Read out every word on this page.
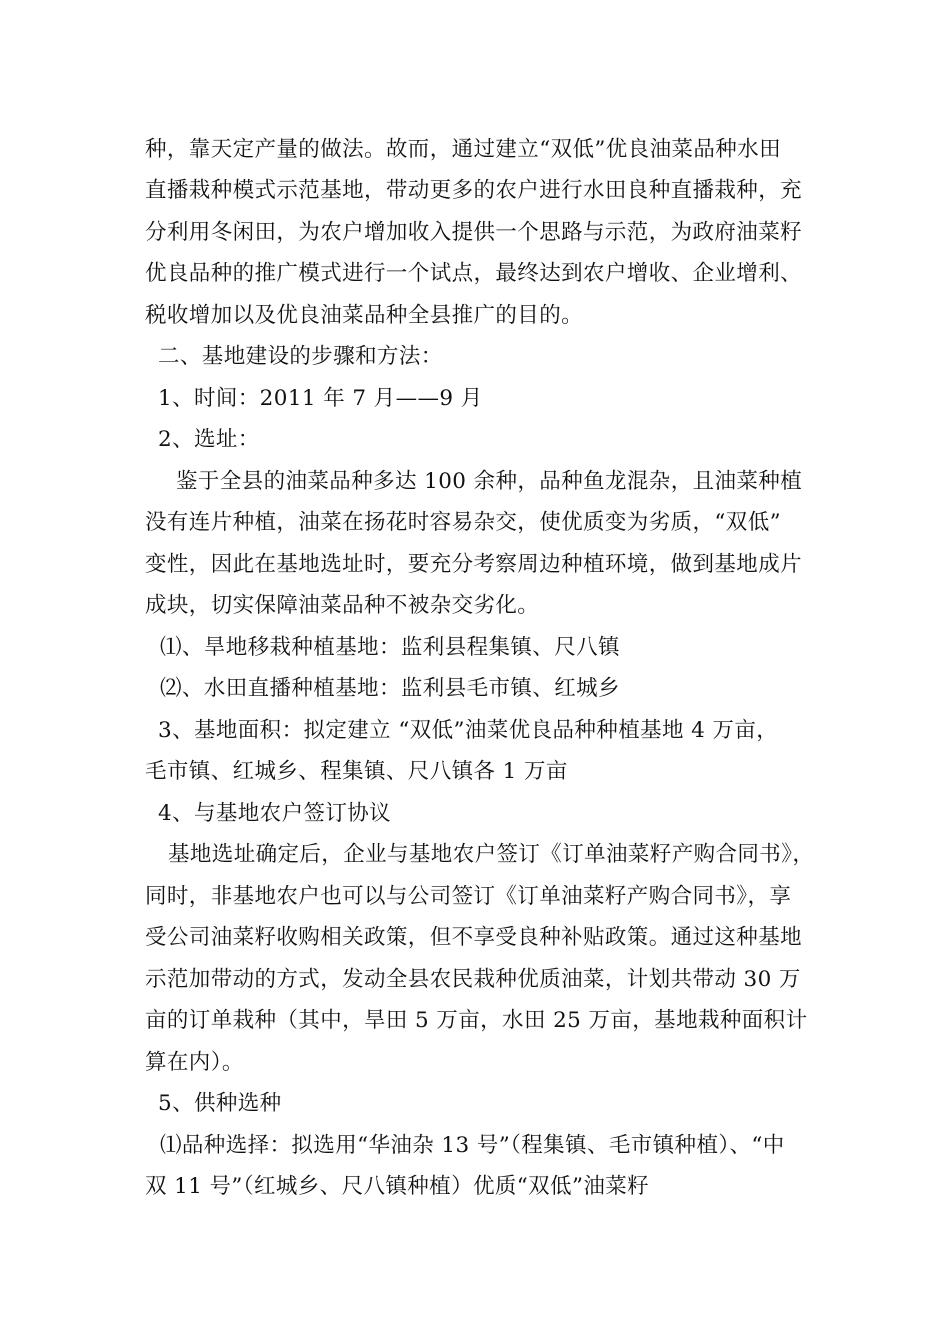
种，靠天定产量的做法。故而，通过建立“双低”优良油菜品种水田
直播栽种模式示范基地，带动更多的农户进行水田良种直播栽种，充
分利用冬闲田，为农户增加收入提供一个思路与示范，为政府油菜籽
优良品种的推广模式进行一个试点，最终达到农户增收、企业增利、
税收增加以及优良油菜品种全县推广的目的。
二、基地建设的步骤和方法：
1、时间：2011 年 7 月——9 月
2、选址：
鉴于全县的油菜品种多达 100 余种，品种鱼龙混杂，且油菜种植
没有连片种植，油菜在扬花时容易杂交，使优质变为劣质，“双低”
变性，因此在基地选址时，要充分考察周边种植环境，做到基地成片
成块，切实保障油菜品种不被杂交劣化。
⑴、旱地移栽种植基地：监利县程集镇、尺八镇
⑵、水田直播种植基地：监利县毛市镇、红城乡
3、基地面积：拟定建立 “双低”油菜优良品种种植基地 4 万亩，
毛市镇、红城乡、程集镇、尺八镇各 1 万亩
4、与基地农户签订协议
基地选址确定后，企业与基地农户签订《订单油菜籽产购合同书》，
同时，非基地农户也可以与公司签订《订单油菜籽产购合同书》，享
受公司油菜籽收购相关政策，但不享受良种补贴政策。通过这种基地
示范加带动的方式，发动全县农民栽种优质油菜，计划共带动 30 万
亩的订单栽种（其中，旱田 5 万亩，水田 25 万亩，基地栽种面积计
算在内）。
5、供种选种
⑴品种选择：拟选用“华油杂 13 号”（程集镇、毛市镇种植）、“中
双 11 号”（红城乡、尺八镇种植）优质“双低”油菜籽
